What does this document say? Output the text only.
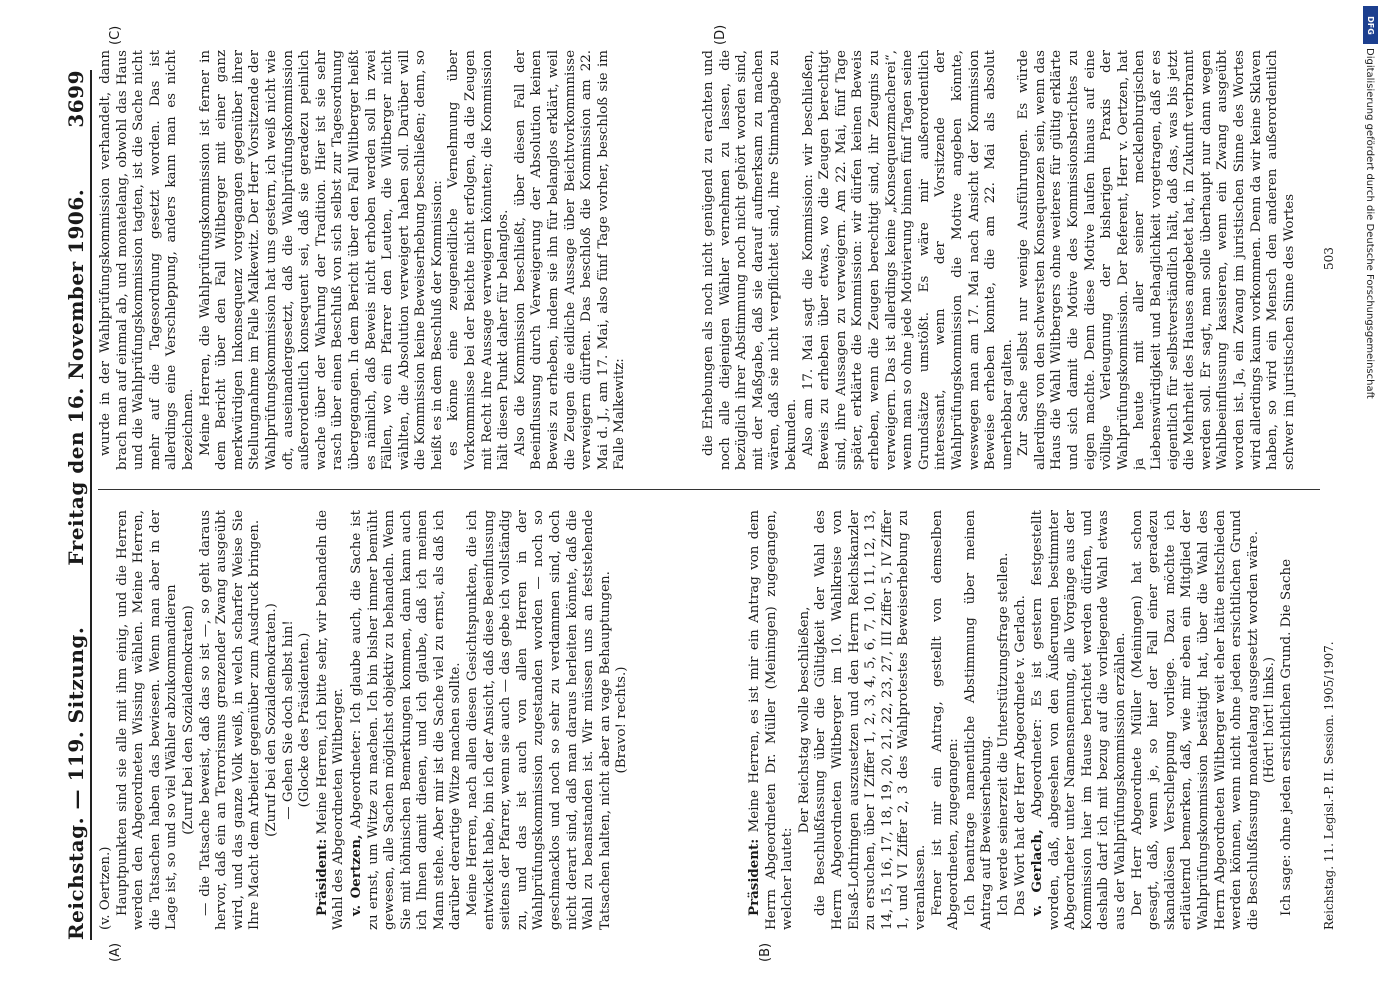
Reichstag. — 119. Sitzung.
Freitag den 16. November 1906.
3699

(v. Oertzen.) Hauptpunkten sind sie alle mit ihm einig, und die Herren werden den Abgeordneten Wissing wählen. Meine Herren, die Tatsachen haben das bewiesen. Wenn man aber in der Lage ist, so und so viel Wähler abzukommandieren (Zuruf bei den Sozialdemokraten) — die Tatsache beweist, daß das so ist —, so geht daraus hervor, daß ein an Terrorismus grenzender Zwang ausgeübt wird, und das ganze Volk weiß, in welch scharfer Weise Sie Ihre Macht dem Arbeiter gegenüber zum Ausdruck bringen. (Zuruf bei den Sozialdemokraten.) — Gehen Sie doch selbst hin! (Glocke des Präsidenten.)

Präsident: Meine Herren, ich bitte sehr, wir behandeln die Wahl des Abgeordneten Wiltberger. v. Oertzen, Abgeordneter: Ich glaube auch, die Sache ist zu ernst, um Witze zu machen. Ich bin bisher immer bemüht gewesen, alle Sachen möglichst objektiv zu behandeln. Wenn Sie mit höhnischen Bemerkungen kommen, dann kann auch ich Ihnen damit dienen, und ich glaube, daß ich meinen Mann stehe. Aber mir ist die Sache viel zu ernst, als daß ich darüber derartige Witze machen sollte. Meine Herren, nach allen diesen Gesichtspunkten, die ich entwickelt habe, bin ich der Ansicht, daß diese Beeinflussung seitens der Pfarrer, wenn sie auch — das gebe ich vollständig zu, und das ist auch von allen Herren in der Wahlprüfungskommission zugestanden worden — noch so geschmacklos und noch so sehr zu verdammen sind, doch nicht derart sind, daß man daraus herleiten könnte, daß die Wahl zu beanstanden ist. Wir müssen uns an feststehende Tatsachen halten, nicht aber an vage Behauptungen. (Bravo! rechts.)

Präsident: Meine Herren, es ist mir ein Antrag von dem Herrn Abgeordneten Dr. Müller (Meiningen) zugegangen, welcher lautet:

Der Reichstag wolle beschließen, die Beschlußfassung über die Gültigkeit der Wahl des Herrn Abgeordneten Wiltberger im 10. Wahlkreise von Elsaß-Lothringen auszusetzen und den Herrn Reichskanzler zu ersuchen, über I Ziffer 1, 2, 3, 4, 5, 6, 7, 10, 11, 12, 13, 14, 15, 16, 17, 18, 19, 20, 21, 22, 23, 27, III Ziffer 5, IV Ziffer 1, und VI Ziffer 2, 3 des Wahlprotestes Beweiserhebung zu veranlassen. Ferner ist mir ein Antrag, gestellt von demselben Abgeordneten, zugegangen: Ich beantrage namentliche Abstimmung über meinen Antrag auf Beweiserhebung. Ich werde seinerzeit die Unterstützungsfrage stellen. Das Wort hat der Herr Abgeordnete v. Gerlach. v. Gerlach, Abgeordneter: Es ist gestern festgestellt worden, daß, abgesehen von den Äußerungen bestimmter Abgeordneter unter Namensnennung, alle Vorgänge aus der Kommission hier im Hause berichtet werden dürfen, und deshalb darf ich mit bezug auf die vorliegende Wahl etwas aus der Wahlprüfungskommission erzählen. Der Herr Abgeordnete Müller (Meiningen) hat schon gesagt, daß, wenn je, so hier der Fall einer geradezu skandalösen Verschleppung vorliege. Dazu möchte ich erläuternd bemerken, daß, wie mir eben ein Mitglied der Wahlprüfungskommission bestätigt hat, über die Wahl des Herrn Abgeordneten Wiltberger weit eher hätte entschieden werden können, wenn nicht ohne jeden ersichtlichen Grund die Beschlußfassung monatelang ausgesetzt worden wäre. (Hört! hört! links.) Ich sage: ohne jeden ersichtlichen Grund. Die Sache

wurde in der Wahlprüfungskommission verhandelt, dann brach man auf einmal ab, und monatelang, obwohl das Haus und die Wahlprüfungskommission tagten, ist die Sache nicht mehr auf die Tagesordnung gesetzt worden. Das ist allerdings eine Verschleppung, anders kann man es nicht bezeichnen. Meine Herren, die Wahlprüfungskommission ist ferner in dem Bericht über den Fall Wiltberger mit einer ganz merkwürdigen Inkonsequenz vorgegangen gegenüber ihrer Stellungnahme im Falle Malkewitz. Der Herr Vorsitzende der Wahlprüfungskommission hat uns gestern, ich weiß nicht wie oft, auseinandergesetzt, daß die Wahlprüfungskommission außerordentlich konsequent sei, daß sie geradezu peinlich wache über der Wahrung der Tradition. Hier ist sie sehr rasch über einen Beschluß von sich selbst zur Tagesordnung übergegangen. In dem Bericht über den Fall Wiltberger heißt es nämlich, daß Beweis nicht erhoben werden soll in zwei Fällen, wo ein Pfarrer den Leuten, die Wiltberger nicht wählten, die Absolution verweigert haben soll. Darüber will die Kommission keine Beweiserhebung beschließen; denn, so heißt es in dem Beschluß der Kommission: es könne eine zeugeneidliche Vernehmung über Vorkommnisse bei der Beichte nicht erfolgen, da die Zeugen mit Recht ihre Aussage verweigern könnten; die Kommission hält diesen Punkt daher für belanglos. Also die Kommission beschließt, über diesen Fall der Beeinflussung durch Verweigerung der Absolution keinen Beweis zu erheben, indem sie ihn für belanglos erklärt, weil die Zeugen die eidliche Aussage über Beichtvorkommnisse verweigern dürften. Das beschloß die Kommission am 22. Mai d. J., am 17. Mai, also fünf Tage vorher, beschloß sie im Falle Malkewitz:	die Erhebungen als noch nicht genügend zu erachten und noch alle diejenigen Wähler vernehmen zu lassen, die bezüglich ihrer Abstimmung noch nicht gehört worden sind, mit der Maßgabe, daß sie darauf aufmerksam zu machen wären, daß sie nicht verpflichtet sind, ihre Stimmabgabe zu bekunden. Also am 17. Mai sagt die Kommission: wir beschließen, Beweis zu erheben über etwas, wo die Zeugen berechtigt sind, ihre Aussagen zu verweigern. Am 22. Mai, fünf Tage später, erklärte die Kommission: wir dürfen keinen Beweis erheben, wenn die Zeugen berechtigt sind, ihr Zeugnis zu verweigern. Das ist allerdings keine „Konsequenzmacherei“, wenn man so ohne jede Motivierung binnen fünf Tagen seine Grundsätze umstößt. Es wäre mir außerordentlich interessant, wenn der Vorsitzende der Wahlprüfungskommission die Motive angeben könnte, weswegen man am 17. Mai nach Ansicht der Kommission Beweise erheben konnte, die am 22. Mai als absolut unerhebbar galten. Zur Sache selbst nur wenige Ausführungen. Es würde allerdings von den schwersten Konsequenzen sein, wenn das Haus die Wahl Wiltbergers ohne weiteres für gültig erklärte und sich damit die Motive des Kommissionsberichtes zu eigen machte. Denn diese Motive laufen hinaus auf eine völlige Verleugnung der bisherigen Praxis der Wahlprüfungskommission. Der Referent, Herr v. Oertzen, hat ja heute mit aller seiner mecklenburgischen Liebenswürdigkeit und Behaglichkeit vorgetragen, daß er es eigentlich für selbstverständlich hält, daß das, was bis jetzt die Mehrheit des Hauses angebetet hat, in Zukunft verbrannt werden soll. Er sagt, man solle überhaupt nur dann wegen Wahlbeeinflussung kassieren, wenn ein Zwang ausgeübt worden ist. Ja, ein Zwang im juristischen Sinne des Wortes wird allerdings kaum vorkommen. Denn da wir keine Sklaven haben, so wird ein Mensch den anderen außerordentlich schwer im juristischen Sinne des Wortes

Reichstag. 11. Legisl.-P. II. Session. 1905/1907.
503
(A)	(B)
(C)	(D)	DFG
Digitalisierung gefördert durch die Deutsche Forschungsgemeinschaft
